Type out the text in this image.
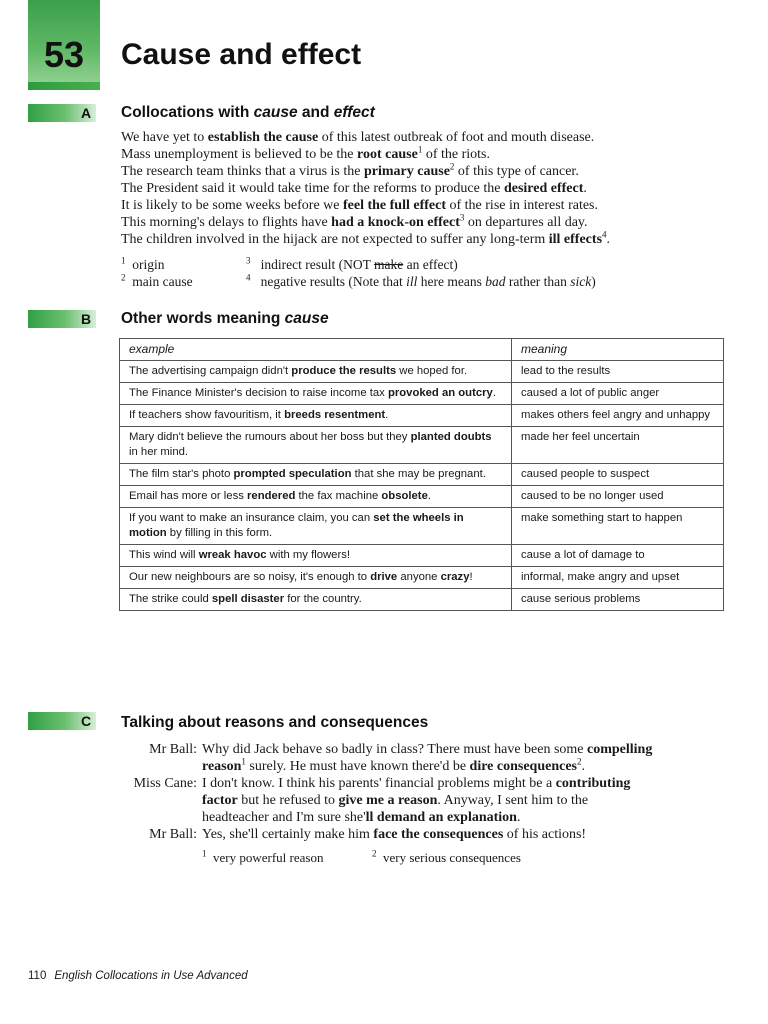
53	Cause and effect
A	Collocations with cause and effect
We have yet to establish the cause of this latest outbreak of foot and mouth disease.
Mass unemployment is believed to be the root cause$^1$ of the riots.
The research team thinks that a virus is the primary cause$^2$ of this type of cancer.
The President said it would take time for the reforms to produce the desired effect.
It is likely to be some weeks before we feel the full effect of the rise in interest rates.
This morning's delays to flights have had a knock-on effect$^3$ on departures all day.
The children involved in the hijack are not expected to suffer any long-term ill effects$^4$.
$^1$ origin
$^2$ main cause
$^3$ indirect result (NOT make an effect)
$^4$ negative results (Note that ill here means bad rather than sick)
B	Other words meaning cause
example	meaning
The advertising campaign didn't produce the results we hoped for.	lead to the results
The Finance Minister's decision to raise income tax provoked an outcry.	caused a lot of public anger
If teachers show favouritism, it breeds resentment.	makes others feel angry and unhappy
Mary didn't believe the rumours about her boss but they planted doubts in her mind.	made her feel uncertain
The film star's photo prompted speculation that she may be pregnant.	caused people to suspect
Email has more or less rendered the fax machine obsolete.	caused to be no longer used
If you want to make an insurance claim, you can set the wheels in motion by filling in this form.	make something start to happen
This wind will wreak havoc with my flowers!	cause a lot of damage to
Our new neighbours are so noisy, it's enough to drive anyone crazy!	informal, make angry and upset
The strike could spell disaster for the country.	cause serious problems
C	Talking about reasons and consequences
Mr Ball: Why did Jack behave so badly in class? There must have been some compelling
reason$^1$ surely. He must have known there'd be dire consequences$^2$.
Miss Cane: I don't know. I think his parents' financial problems might be a contributing
factor but he refused to give me a reason. Anyway, I sent him to the
headteacher and I'm sure she'll demand an explanation.
Mr Ball: Yes, she'll certainly make him face the consequences of his actions!
$^1$ very powerful reason	$^2$ very serious consequences
110 English Collocations in Use Advanced
